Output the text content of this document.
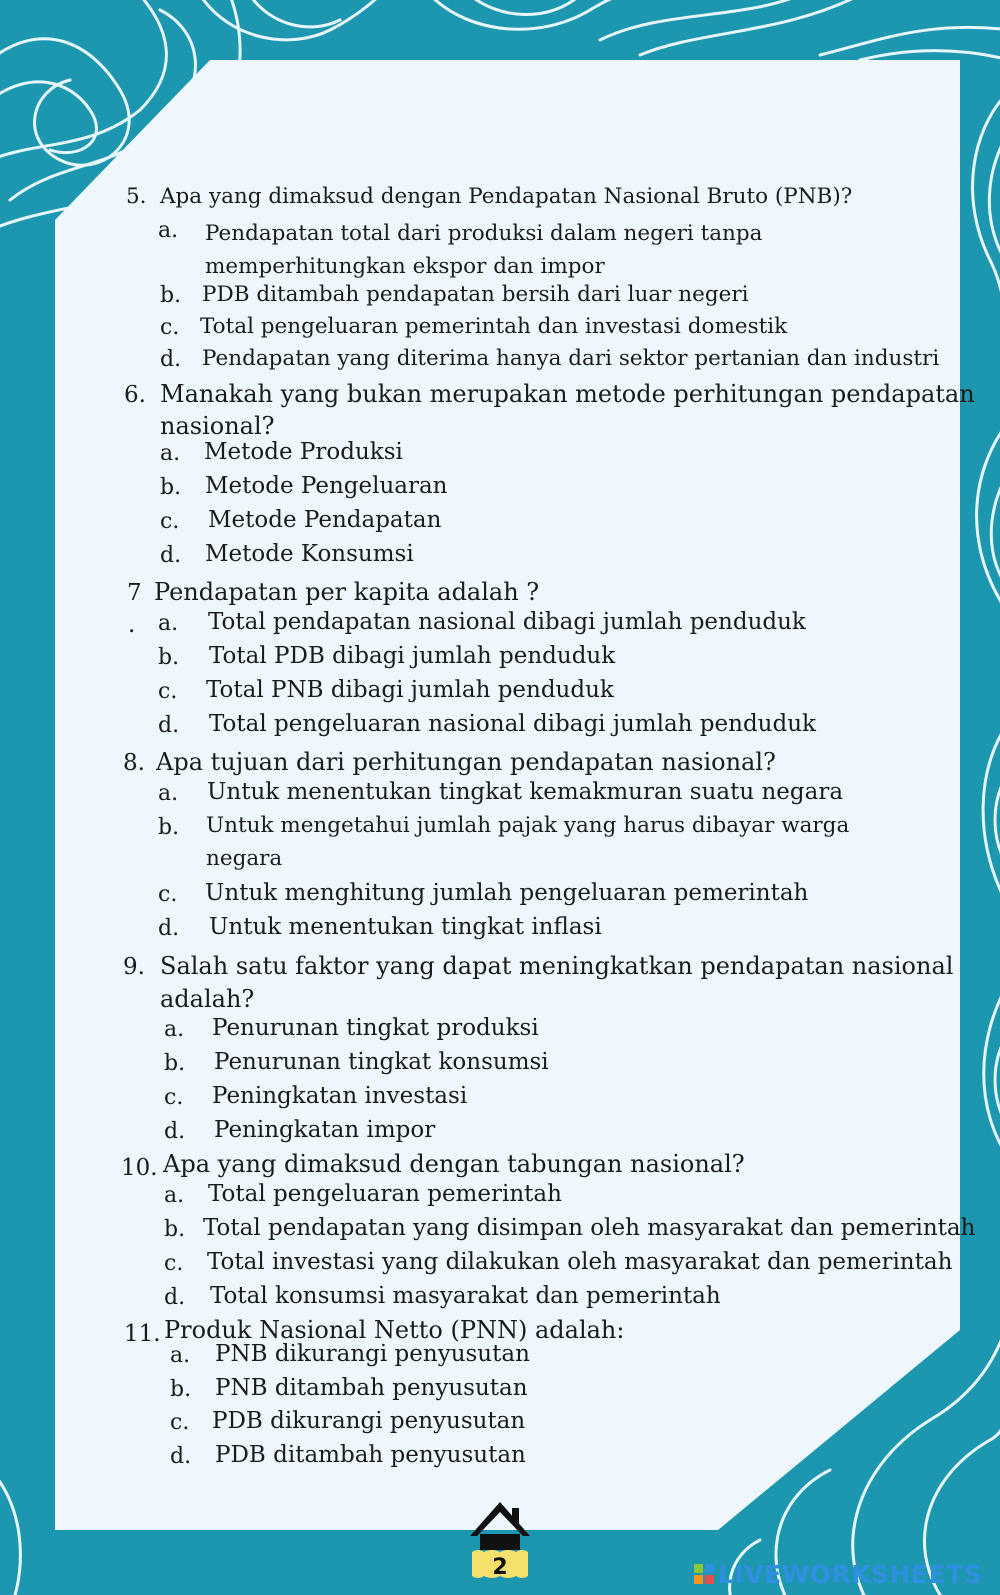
5. Apa yang dimaksud dengan Pendapatan Nasional Bruto (PNB)?
a. Pendapatan total dari produksi dalam negeri tanpa
memperhitungkan ekspor dan impor
b. PDB ditambah pendapatan bersih dari luar negeri
c. Total pengeluaran pemerintah dan investasi domestik
d. Pendapatan yang diterima hanya dari sektor pertanian dan industri
6. Manakah yang bukan merupakan metode perhitungan pendapatan
nasional?
a. Metode Produksi
b. Metode Pengeluaran
c. Metode Pendapatan
d. Metode Konsumsi
7
.
Pendapatan per kapita adalah ?
a. Total pendapatan nasional dibagi jumlah penduduk
b. Total PDB dibagi jumlah penduduk
c. Total PNB dibagi jumlah penduduk
d. Total pengeluaran nasional dibagi jumlah penduduk
8. Apa tujuan dari perhitungan pendapatan nasional?
a. Untuk menentukan tingkat kemakmuran suatu negara
b. Untuk mengetahui jumlah pajak yang harus dibayar warga
negara
c. Untuk menghitung jumlah pengeluaran pemerintah
d. Untuk menentukan tingkat inflasi
9. Salah satu faktor yang dapat meningkatkan pendapatan nasional
adalah?
a. Penurunan tingkat produksi
b. Penurunan tingkat konsumsi
c. Peningkatan investasi
d. Peningkatan impor
10. Apa yang dimaksud dengan tabungan nasional?
a. Total pengeluaran pemerintah
b. Total pendapatan yang disimpan oleh masyarakat dan pemerintah
c. Total investasi yang dilakukan oleh masyarakat dan pemerintah
d. Total konsumsi masyarakat dan pemerintah
11. Produk Nasional Netto (PNN) adalah:
a. PNB dikurangi penyusutan
b. PNB ditambah penyusutan
c. PDB dikurangi penyusutan
d. PDB ditambah penyusutan
2	LIVEWORKSHEETS
